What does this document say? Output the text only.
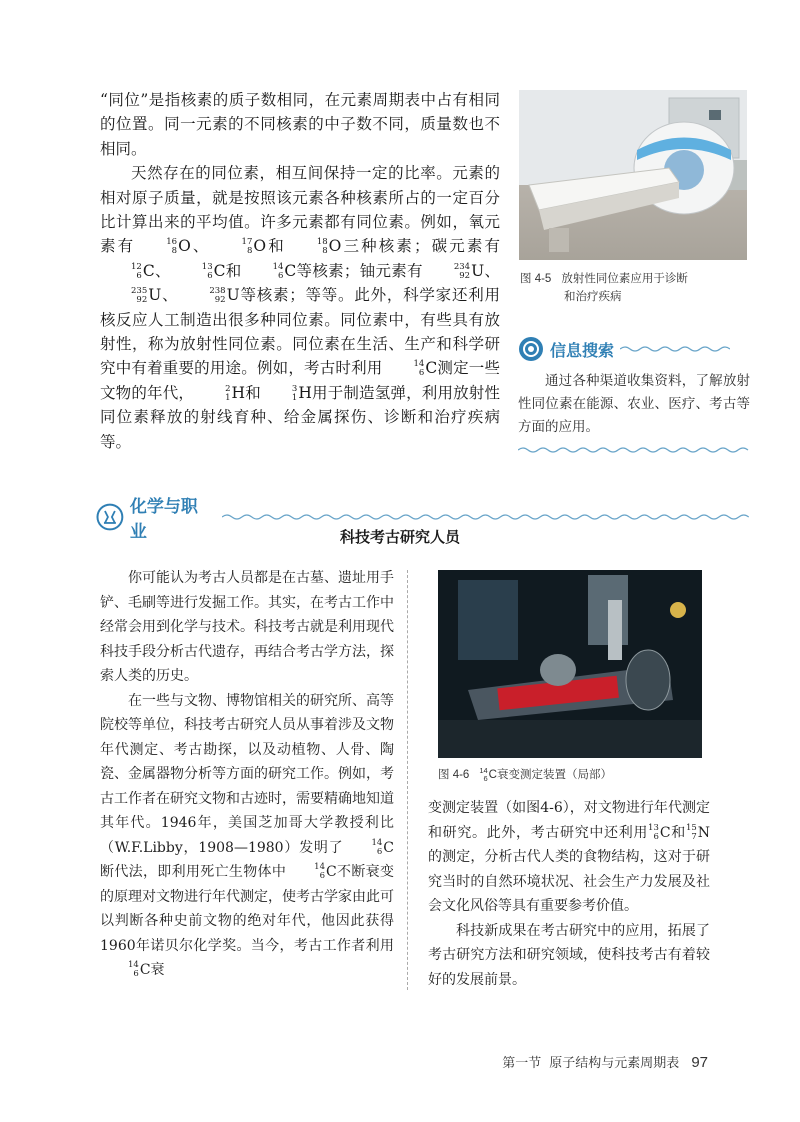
“同位”是指核素的质子数相同，在元素周期表中占有相同的位置。同一元素的不同核素的中子数不同，质量数也不相同。

天然存在的同位素，相互间保持一定的比率。元素的相对原子质量，就是按照该元素各种核素所占的一定百分比计算出来的平均值。许多元素都有同位素。例如，氧元素有	16
8 O、	17
8 O和	18
8 O三种核素；碳元素有
12
6 C、	13
6 C和	14
6 C等核素；铀元素有	234
92 U、
235
92 U、	238
92 U等核素；等等。此外，科学家还利用核反应人工制造出很多种同位素。同位素中，有些具有放射性，称为放射性同位素。同位素在生活、生产和科学研究中有着重要的用途。例如，考古时利用	14
6 C测定一些文物的年代，	2
1 H和	3
1 H用于制造氢弹，利用放射性同位素释放的射线育种、给金属探伤、诊断和治疗疾病等。

图 4-5 放射性同位素应用于诊断
和治疗疾病
信息搜索

通过各种渠道收集资料，了解放射性同位素在能源、农业、医疗、考古等方面的应用。

化学与职业	科技考古研究人员

你可能认为考古人员都是在古墓、遗址用手铲、毛刷等进行发掘工作。其实，在考古工作中经常会用到化学与技术。科技考古就是利用现代科技手段分析古代遗存，再结合考古学方法，探索人类的历史。

在一些与文物、博物馆相关的研究所、高等院校等单位，科技考古研究人员从事着涉及文物年代测定、考古勘探，以及动植物、人骨、陶瓷、金属器物分析等方面的研究工作。例如，考古工作者在研究文物和古迹时，需要精确地知道其年代。1946年，美国芝加哥大学教授利比（W.F.Libby，1908—1980）发明了	14
6 C断代法，即利用死亡生物体中	14
6 C不断衰变的原理对文物进行年代测定，使考古学家由此可以判断各种史前文物的绝对年代，他因此获得1960年诺贝尔化学奖。当今，考古工作者利用
14
6 C衰

图 4-6 14
6 C衰变测定装置（局部）

变测定装置（如图4-6），对文物进行年代测定和研究。此外，考古研究中还利用 13
6 C和 15
7 N的测定，分析古代人类的食物结构，这对于研究当时的自然环境状况、社会生产力发展及社会文化风俗等具有重要参考价值。

科技新成果在考古研究中的应用，拓展了考古研究方法和研究领域，使科技考古有着较好的发展前景。

第一节 原子结构与元素周期表 97
